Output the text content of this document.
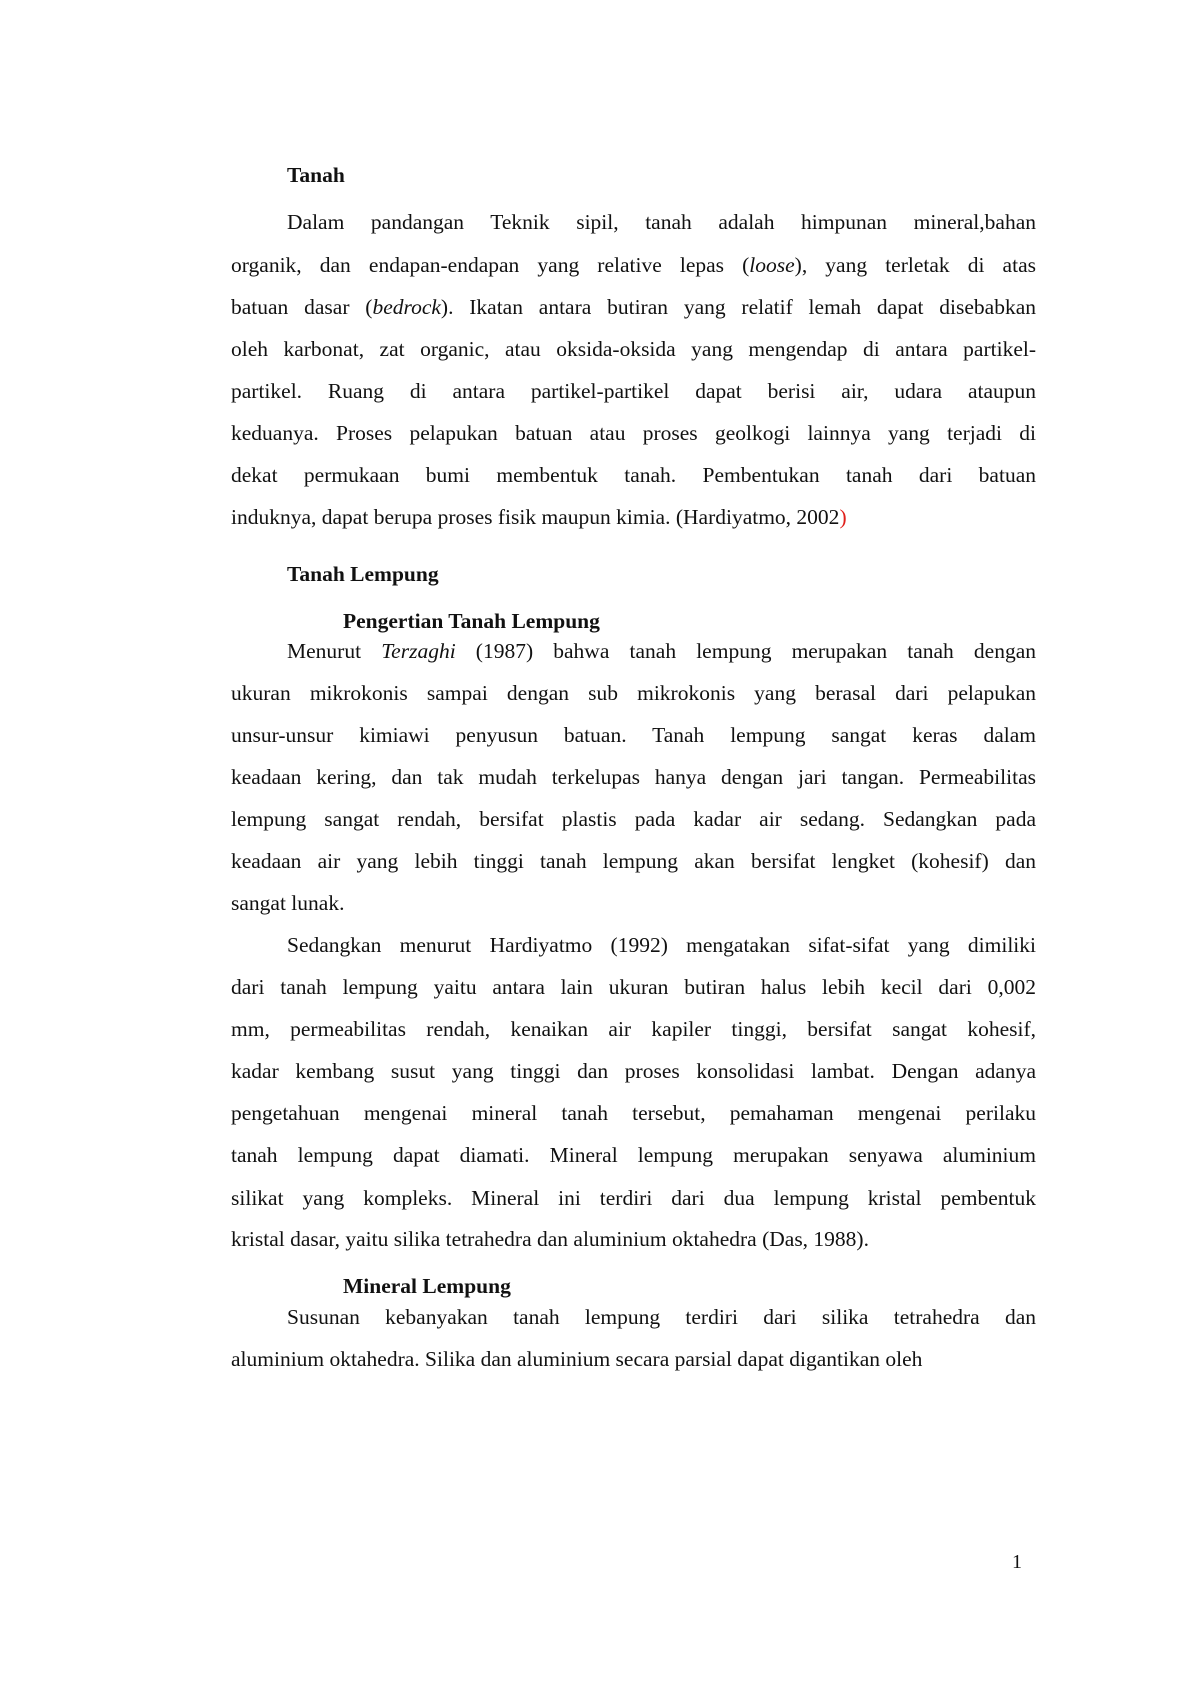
Tanah
Tanah Lempung
Pengertian Tanah Lempung
Mineral Lempung
1
Dalam pandangan Teknik sipil, tanah adalah himpunan mineral,bahan
organik, dan endapan-endapan yang relative lepas (loose), yang terletak di atas
batuan dasar (bedrock). Ikatan antara butiran yang relatif lemah dapat disebabkan
oleh karbonat, zat organic, atau oksida-oksida yang mengendap di antara partikel-
partikel. Ruang di antara partikel-partikel dapat berisi air, udara ataupun
keduanya. Proses pelapukan batuan atau proses geolkogi lainnya yang terjadi di
dekat permukaan bumi membentuk tanah. Pembentukan tanah dari batuan
induknya, dapat berupa proses fisik maupun kimia. (Hardiyatmo, 2002)
Menurut Terzaghi (1987) bahwa tanah lempung merupakan tanah dengan
ukuran mikrokonis sampai dengan sub mikrokonis yang berasal dari pelapukan
unsur-unsur kimiawi penyusun batuan. Tanah lempung sangat keras dalam
keadaan kering, dan tak mudah terkelupas hanya dengan jari tangan. Permeabilitas
lempung sangat rendah, bersifat plastis pada kadar air sedang. Sedangkan pada
keadaan air yang lebih tinggi tanah lempung akan bersifat lengket (kohesif) dan
sangat lunak.
Sedangkan menurut Hardiyatmo (1992) mengatakan sifat-sifat yang dimiliki
dari tanah lempung yaitu antara lain ukuran butiran halus lebih kecil dari 0,002
mm, permeabilitas rendah, kenaikan air kapiler tinggi, bersifat sangat kohesif,
kadar kembang susut yang tinggi dan proses konsolidasi lambat. Dengan adanya
pengetahuan mengenai mineral tanah tersebut, pemahaman mengenai perilaku
tanah lempung dapat diamati. Mineral lempung merupakan senyawa aluminium
silikat yang kompleks. Mineral ini terdiri dari dua lempung kristal pembentuk
kristal dasar, yaitu silika tetrahedra dan aluminium oktahedra (Das, 1988).
Susunan kebanyakan tanah lempung terdiri dari silika tetrahedra dan
aluminium oktahedra. Silika dan aluminium secara parsial dapat digantikan oleh
